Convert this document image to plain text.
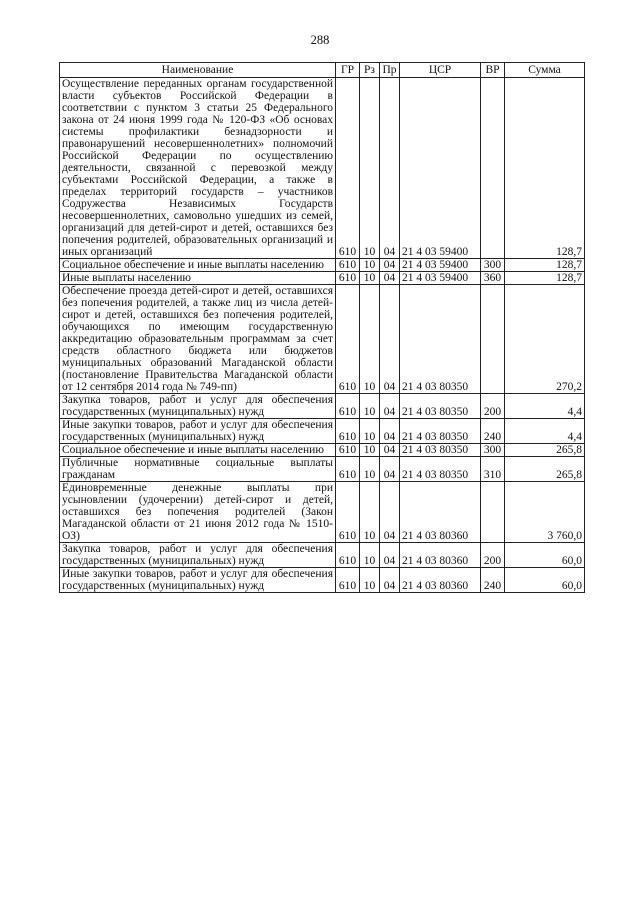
288
Наименование	ГР	Рз	Пр	ЦСР	ВР	Сумма
Осуществление переданных органам государственной власти субъектов Российской Федерации в соответствии с пунктом 3 статьи 25 Федерального закона от 24 июня 1999 года № 120-ФЗ «Об основах системы профилактики безнадзорности и правонарушений несовершеннолетних» полномочий Российской Федерации по осуществлению деятельности, связанной с перевозкой между субъектами Российской Федерации, а также в пределах территорий государств – участников Содружества Независимых Государств несовершеннолетних, самовольно ушедших из семей, организаций для детей-сирот и детей, оставшихся без попечения родителей, образовательных организаций и иных организаций	610	10	04	21 4 03 59400		128,7
Социальное обеспечение и иные выплаты населению	610	10	04	21 4 03 59400	300	128,7
Иные выплаты населению	610	10	04	21 4 03 59400	360	128,7
Обеспечение проезда детей-сирот и детей, оставшихся без попечения родителей, а также лиц из числа детей-сирот и детей, оставшихся без попечения родителей, обучающихся по имеющим государственную аккредитацию образовательным программам за счет средств областного бюджета или бюджетов муниципальных образований Магаданской области (постановление Правительства Магаданской области от 12 сентября 2014 года № 749-пп)	610	10	04	21 4 03 80350		270,2
Закупка товаров, работ и услуг для обеспечения государственных (муниципальных) нужд	610	10	04	21 4 03 80350	200	4,4
Иные закупки товаров, работ и услуг для обеспечения государственных (муниципальных) нужд	610	10	04	21 4 03 80350	240	4,4
Социальное обеспечение и иные выплаты населению	610	10	04	21 4 03 80350	300	265,8
Публичные нормативные социальные выплаты гражданам	610	10	04	21 4 03 80350	310	265,8
Единовременные денежные выплаты при усыновлении (удочерении) детей-сирот и детей, оставшихся без попечения родителей (Закон Магаданской области от 21 июня 2012 года № 1510-ОЗ)	610	10	04	21 4 03 80360		3 760,0
Закупка товаров, работ и услуг для обеспечения государственных (муниципальных) нужд	610	10	04	21 4 03 80360	200	60,0
Иные закупки товаров, работ и услуг для обеспечения государственных (муниципальных) нужд	610	10	04	21 4 03 80360	240	60,0
